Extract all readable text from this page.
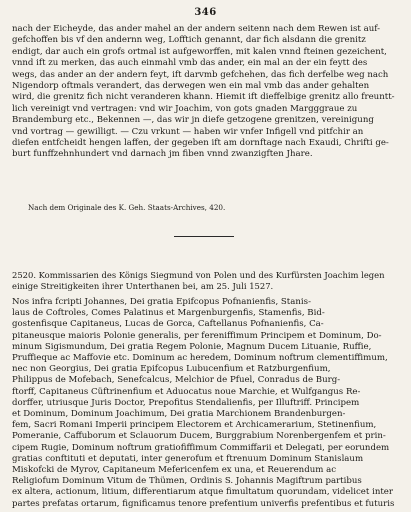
346
nach der Eicheyde, das ander mahel an der andern seitenn nach dem Rewen ist auf-
gefchoffen bis vf den andernn weg, Lofftich genannt, dar fich alsdann die grenitz
endigt, dar auch ein grofs ortmal ist aufgeworffen, mit kalen vnnd fteinen gezeichent,
vnnd ift zu merken, das auch einmahl vmb das ander, ein mal an der ein feytt des
wegs, das ander an der andern feyt, ift darvmb gefchehen, das fich derfelbe weg nach
Nigendorp oftmals verandert, das derwegen wen ein mal vmb das ander gehalten
wird, die grenitz fich nicht veranderen khann. Hiemit ift dieffelbige grenitz allo freuntt-
lich vereinigt vnd vertragen: vnd wir Joachim, von gots gnaden Margggraue zu
Brandemburg etc., Bekennen —, das wir jn diefe getzogene grenitzen, vereinigung
vnd vortrag — gewilligt. — Czu vrkunt — haben wir vnfer Infigell vnd pitfchir an
diefen entfcheidt hengen laffen, der gegeben ift am dornftage nach Exaudi, Chrifti ge-
burt funffzehnhundert vnd darnach jm fiben vnnd zwanzigften Jhare.
Nach dem Originale des K. Geh. Staats-Archives, 420.
2520. Kommissarien des Königs Siegmund von Polen und des Kurfürsten Joachim legen
einige Streitigkeiten ihrer Unterthanen bei, am 25. Juli 1527.
Nos infra fcripti Johannes, Dei gratia Epifcopus Pofnanienfis, Stanis-
laus de Coftroles, Comes Palatinus et Margenburgenfis, Stamenfis, Bid-
gostenfisque Capitaneus, Lucas de Gorca, Caftellanus Pofnanienfis, Ca-
pitaneusque maioris Polonie generalis, per fereniffimum Principem et Dominum, Do-
minum Sigismundum, Dei gratia Regem Polonie, Magnum Ducem Lituanie, Ruffie,
Pruffieque ac Maffovie etc. Dominum ac heredem, Dominum noftrum clementiffimum,
nec non Georgius, Dei gratia Epifcopus Lubucenfium et Ratzburgenfium,
Philippus de Mofebach, Senefcalcus, Melchior de Pfuel, Conradus de Burg-
ftorff, Capitaneus Cüftrinenfium et Aduocatus noue Marchie, et Wulfgangus Re-
dorffer, utriusque Juris Doctor, Prepofitus Stendalienfis, per Illuftriff. Principem
et Dominum, Dominum Joachimum, Dei gratia Marchionem Brandenburgen-
fem, Sacri Romani Imperii principem Electorem et Archicamerarium, Stetinenfium,
Pomeranie, Caffuborum et Sclauorum Ducem, Burggrabium Norenbergenfem et prin-
cipem Rugie, Dominum noftrum gratiofiffimum Commiffarii et Delegati, per eorundem
gratias conftituti et deputati, inter generofum et ftrenuum Dominum Stanislaum
Miskofcki de Myrov, Capitaneum Mefericenfem ex una, et Reuerendum ac
Religiofum Dominum Vitum de Thümen, Ordinis S. Johannis Magiftrum partibus
ex altera, actionum, litium, differentiarum atque fimultatum quorundam, videlicet inter
partes prefatas ortarum, fignificamus tenore prefentium univerfis prefentibus et futuris
